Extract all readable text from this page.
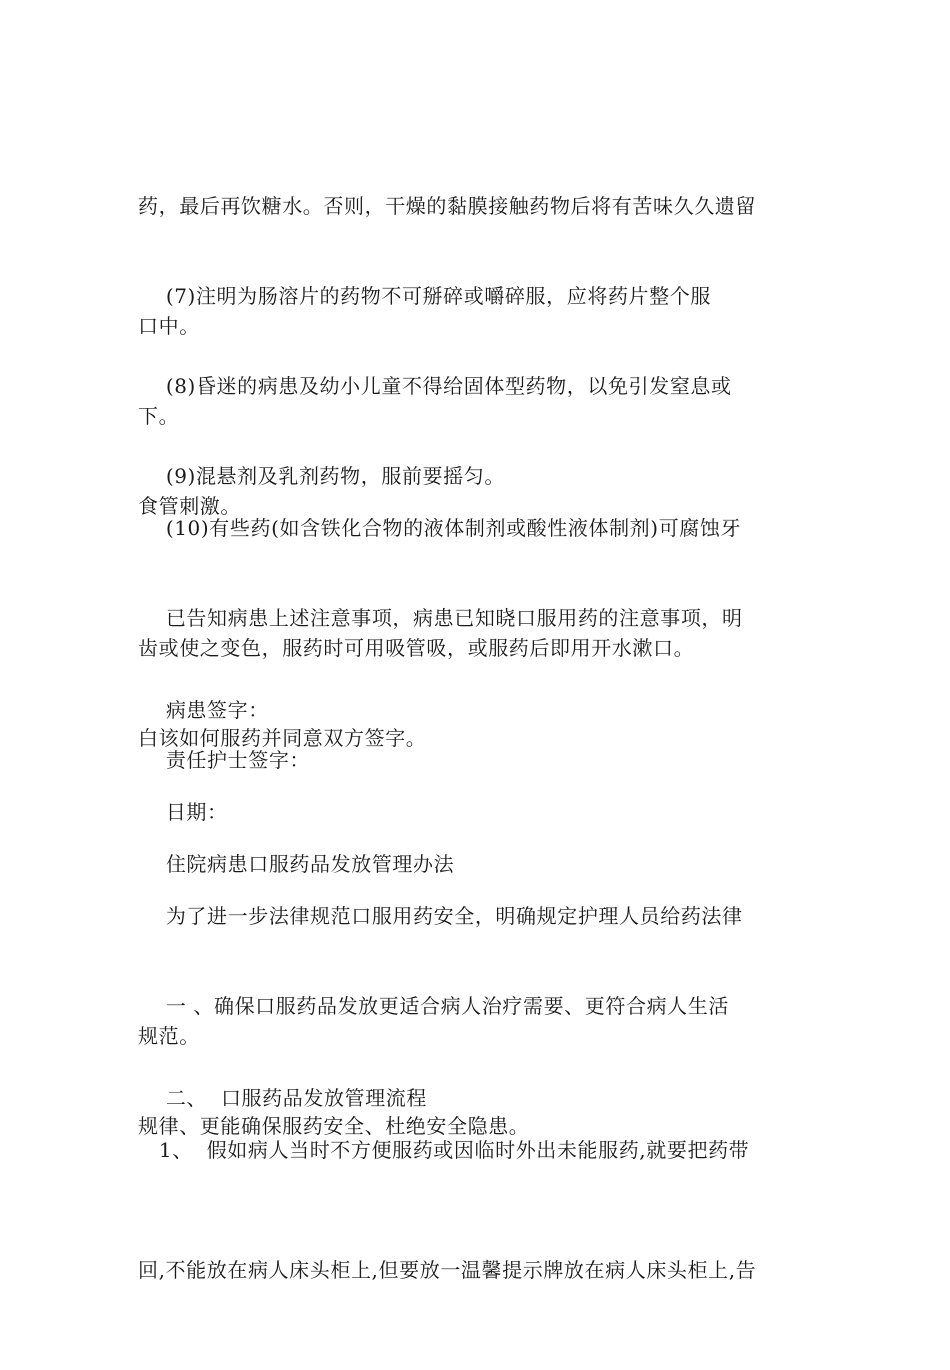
药，最后再饮糖水。否则，干燥的黏膜接触药物后将有苦味久久遗留

口中。

(7)注明为肠溶片的药物不可掰碎或嚼碎服，应将药片整个服

下。

(8)昏迷的病患及幼小儿童不得给固体型药物，以免引发窒息或

食管刺激。

(9)混悬剂及乳剂药物，服前要摇匀。

(10)有些药(如含铁化合物的液体制剂或酸性液体制剂)可腐蚀牙

齿或使之变色，服药时可用吸管吸，或服药后即用开水漱口。

已告知病患上述注意事项，病患已知晓口服用药的注意事项，明

白该如何服药并同意双方签字。

病患签字：

责任护士签字：

日期：

住院病患口服药品发放管理办法

为了进一步法律规范口服用药安全，明确规定护理人员给药法律

规范。

一 、确保口服药品发放更适合病人治疗需要、更符合病人生活

规律、更能确保服药安全、杜绝安全隐患。

二、  口服药品发放管理流程

1、  假如病人当时不方便服药或因临时外出未能服药,就要把药带

回,不能放在病人床头柜上,但要放一温馨提示牌放在病人床头柜上,告
